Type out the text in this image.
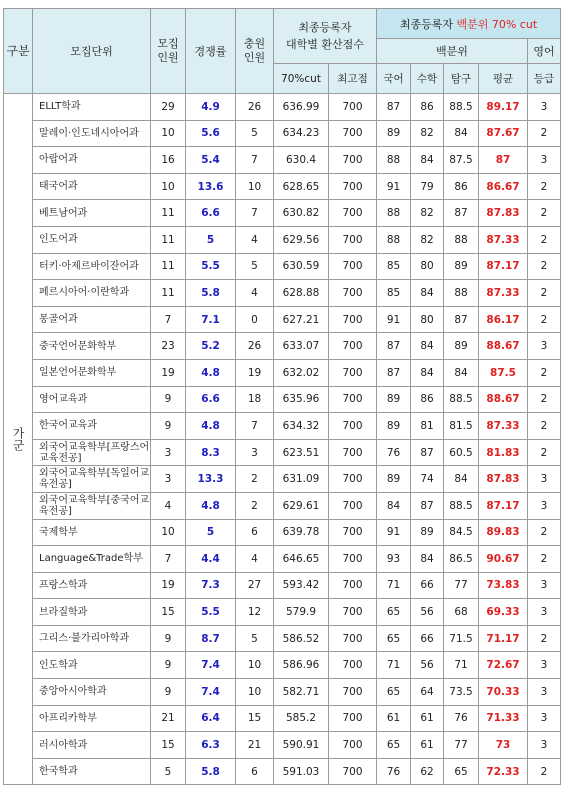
구분	모집단위	모집인원	경쟁률	충원인원	최종등록자
대학별 환산점수		최종등록자 백분위 70% cut				
							백분위				영어
					70%cut	최고점	국어	수학	탐구	평균	등급
가군	ELLT학과	29	4.9	26	636.99	700	87	86	88.5	89.17	3
	말레이·인도네시아어과	10	5.6	5	634.23	700	89	82	84	87.67	2
	아랍어과	16	5.4	7	630.4	700	88	84	87.5	87	3
	태국어과	10	13.6	10	628.65	700	91	79	86	86.67	2
	베트남어과	11	6.6	7	630.82	700	88	82	87	87.83	2
	인도어과	11	5	4	629.56	700	88	82	88	87.33	2
	터키·아제르바이잔어과	11	5.5	5	630.59	700	85	80	89	87.17	2
	페르시아어·이란학과	11	5.8	4	628.88	700	85	84	88	87.33	2
	몽골어과	7	7.1	0	627.21	700	91	80	87	86.17	2
	중국언어문화학부	23	5.2	26	633.07	700	87	84	89	88.67	3
	일본언어문화학부	19	4.8	19	632.02	700	87	84	84	87.5	2
	영어교육과	9	6.6	18	635.96	700	89	86	88.5	88.67	2
	한국어교육과	9	4.8	7	634.32	700	89	81	81.5	87.33	2
	외국어교육학부[프랑스어교육전공]	3	8.3	3	623.51	700	76	87	60.5	81.83	2
	외국어교육학부[독일어교육전공]	3	13.3	2	631.09	700	89	74	84	87.83	3
	외국어교육학부[중국어교육전공]	4	4.8	2	629.61	700	84	87	88.5	87.17	3
	국제학부	10	5	6	639.78	700	91	89	84.5	89.83	2
	Language&Trade학부	7	4.4	4	646.65	700	93	84	86.5	90.67	2
	프랑스학과	19	7.3	27	593.42	700	71	66	77	73.83	3
	브라질학과	15	5.5	12	579.9	700	65	56	68	69.33	3
	그리스·불가리아학과	9	8.7	5	586.52	700	65	66	71.5	71.17	2
	인도학과	9	7.4	10	586.96	700	71	56	71	72.67	3
	중앙아시아학과	9	7.4	10	582.71	700	65	64	73.5	70.33	3
	아프리카학부	21	6.4	15	585.2	700	61	61	76	71.33	3
	러시아학과	15	6.3	21	590.91	700	65	61	77	73	3
	한국학과	5	5.8	6	591.03	700	76	62	65	72.33	2
